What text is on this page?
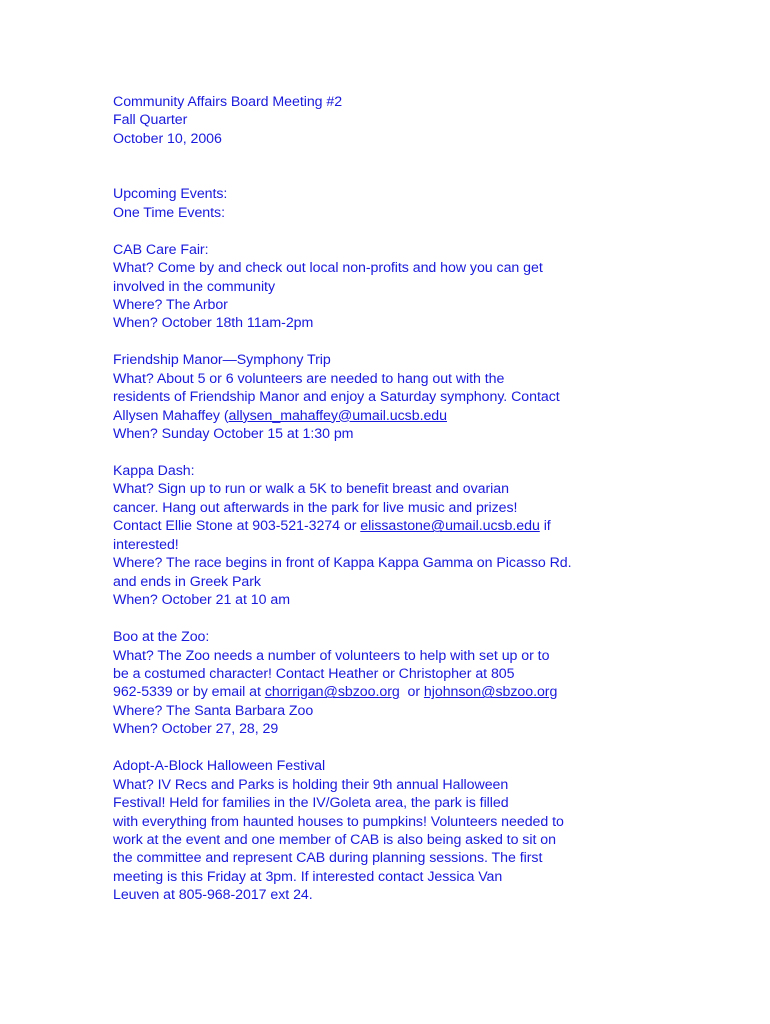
Community Affairs Board Meeting #2
Fall Quarter
October 10, 2006
Upcoming Events:
One Time Events:
CAB Care Fair:
What? Come by and check out local non-profits and how you can get
involved in the community
Where? The Arbor
When? October 18th 11am-2pm
Friendship Manor—Symphony Trip
What? About 5 or 6 volunteers are needed to hang out with the
residents of Friendship Manor and enjoy a Saturday symphony. Contact
Allysen Mahaffey (allysen_mahaffey@umail.ucsb.edu
When? Sunday October 15 at 1:30 pm
Kappa Dash:
What? Sign up to run or walk a 5K to benefit breast and ovarian
cancer. Hang out afterwards in the park for live music and prizes!
Contact Ellie Stone at 903-521-3274 or elissastone@umail.ucsb.edu if
interested!
Where? The race begins in front of Kappa Kappa Gamma on Picasso Rd.
and ends in Greek Park
When? October 21 at 10 am
Boo at the Zoo:
What? The Zoo needs a number of volunteers to help with set up or to
be a costumed character! Contact Heather or Christopher at 805
962-5339 or by email at chorrigan@sbzoo.org  or hjohnson@sbzoo.org
Where? The Santa Barbara Zoo
When? October 27, 28, 29
Adopt-A-Block Halloween Festival
What? IV Recs and Parks is holding their 9th annual Halloween
Festival! Held for families in the IV/Goleta area, the park is filled
with everything from haunted houses to pumpkins! Volunteers needed to
work at the event and one member of CAB is also being asked to sit on
the committee and represent CAB during planning sessions. The first
meeting is this Friday at 3pm. If interested contact Jessica Van
Leuven at 805-968-2017 ext 24.
